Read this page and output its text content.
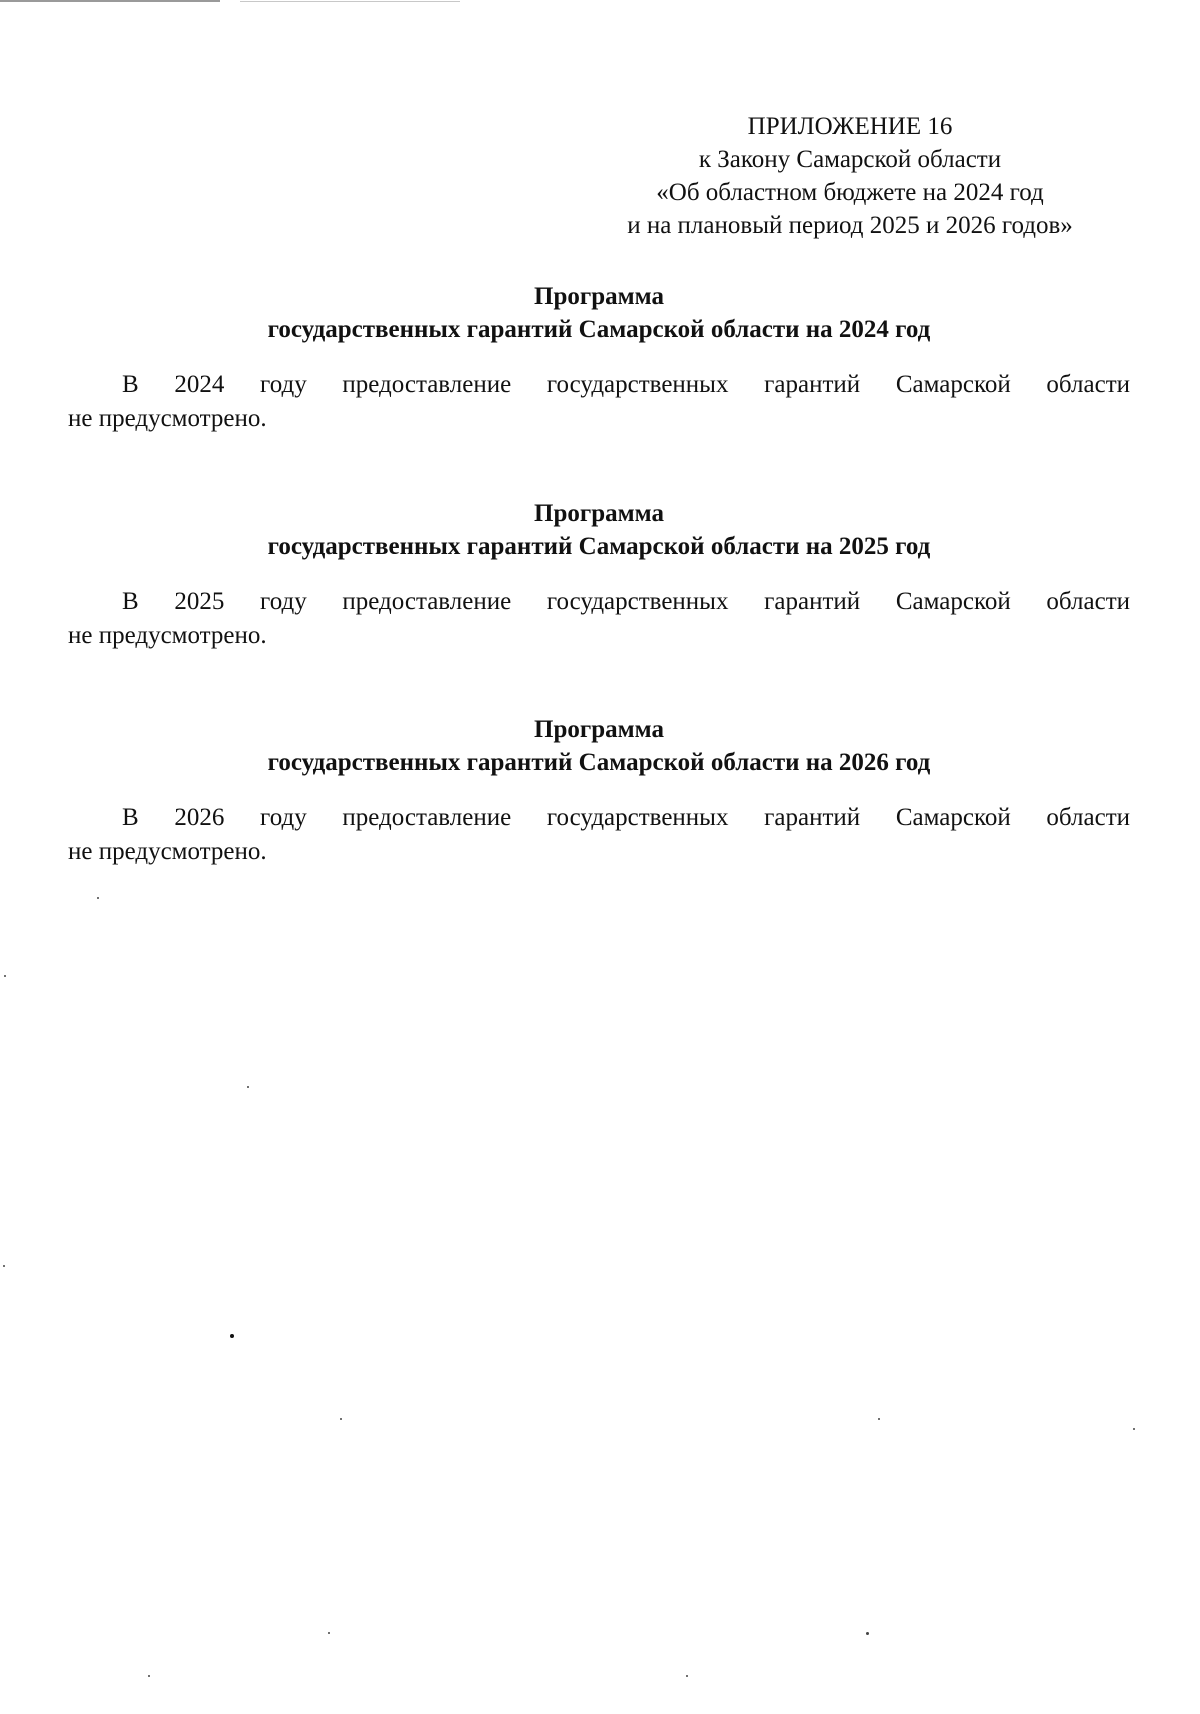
ПРИЛОЖЕНИЕ 16
к Закону Самарской области
«Об областном бюджете на 2024 год
и на плановый период 2025 и 2026 годов»
Программа
государственных гарантий Самарской области на 2024 год
В 2024 году предоставление государственных гарантий Самарской области
не предусмотрено.
Программа
государственных гарантий Самарской области на 2025 год
В 2025 году предоставление государственных гарантий Самарской области
не предусмотрено.
Программа
государственных гарантий Самарской области на 2026 год
В 2026 году предоставление государственных гарантий Самарской области
не предусмотрено.
